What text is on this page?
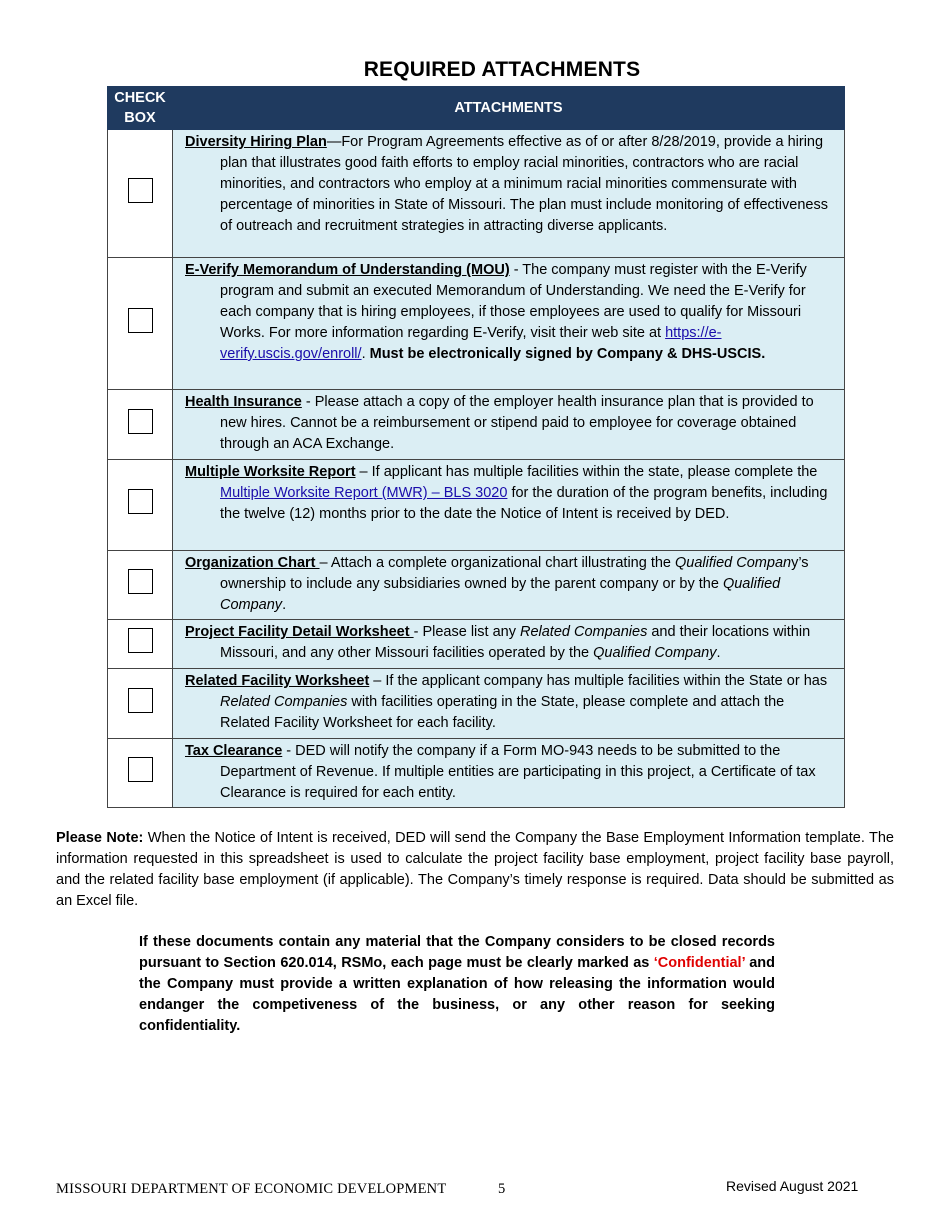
REQUIRED ATTACHMENTS
CHECK BOX	ATTACHMENTS

	Diversity Hiring Plan—For Program Agreements effective as of or after 8/28/2019, provide a hiring plan that illustrates good faith efforts to employ racial minorities, contractors who are racial minorities, and contractors who employ at a minimum racial minorities commensurate with percentage of minorities in State of Missouri. The plan must include monitoring of effectiveness of outreach and recruitment strategies in attracting diverse applicants.

	E-Verify Memorandum of Understanding (MOU) - The company must register with the E-Verify program and submit an executed Memorandum of Understanding. We need the E-Verify for each company that is hiring employees, if those employees are used to qualify for Missouri Works. For more information regarding E-Verify, visit their web site at https://e-verify.uscis.gov/enroll/. Must be electronically signed by Company & DHS-USCIS.

	Health Insurance - Please attach a copy of the employer health insurance plan that is provided to new hires. Cannot be a reimbursement or stipend paid to employee for coverage obtained through an ACA Exchange.

	Multiple Worksite Report – If applicant has multiple facilities within the state, please complete the Multiple Worksite Report (MWR) – BLS 3020 for the duration of the program benefits, including the twelve (12) months prior to the date the Notice of Intent is received by DED.

	Organization Chart – Attach a complete organizational chart illustrating the Qualified Company’s ownership to include any subsidiaries owned by the parent company or by the Qualified Company.

	Project Facility Detail Worksheet - Please list any Related Companies and their locations within Missouri, and any other Missouri facilities operated by the Qualified Company.

	Related Facility Worksheet – If the applicant company has multiple facilities within the State or has Related Companies with facilities operating in the State, please complete and attach the Related Facility Worksheet for each facility.

	Tax Clearance - DED will notify the company if a Form MO-943 needs to be submitted to the Department of Revenue. If multiple entities are participating in this project, a Certificate of tax Clearance is required for each entity.
Please Note: When the Notice of Intent is received, DED will send the Company the Base Employment Information template. The information requested in this spreadsheet is used to calculate the project facility base employment, project facility base payroll, and the related facility base employment (if applicable). The Company’s timely response is required. Data should be submitted as an Excel file.
If these documents contain any material that the Company considers to be closed records pursuant to Section 620.014, RSMo, each page must be clearly marked as ‘Confidential’ and the Company must provide a written explanation of how releasing the information would endanger the competiveness of the business, or any other reason for seeking confidentiality.
MISSOURI DEPARTMENT OF ECONOMIC DEVELOPMENT	5	Revised August 2021
